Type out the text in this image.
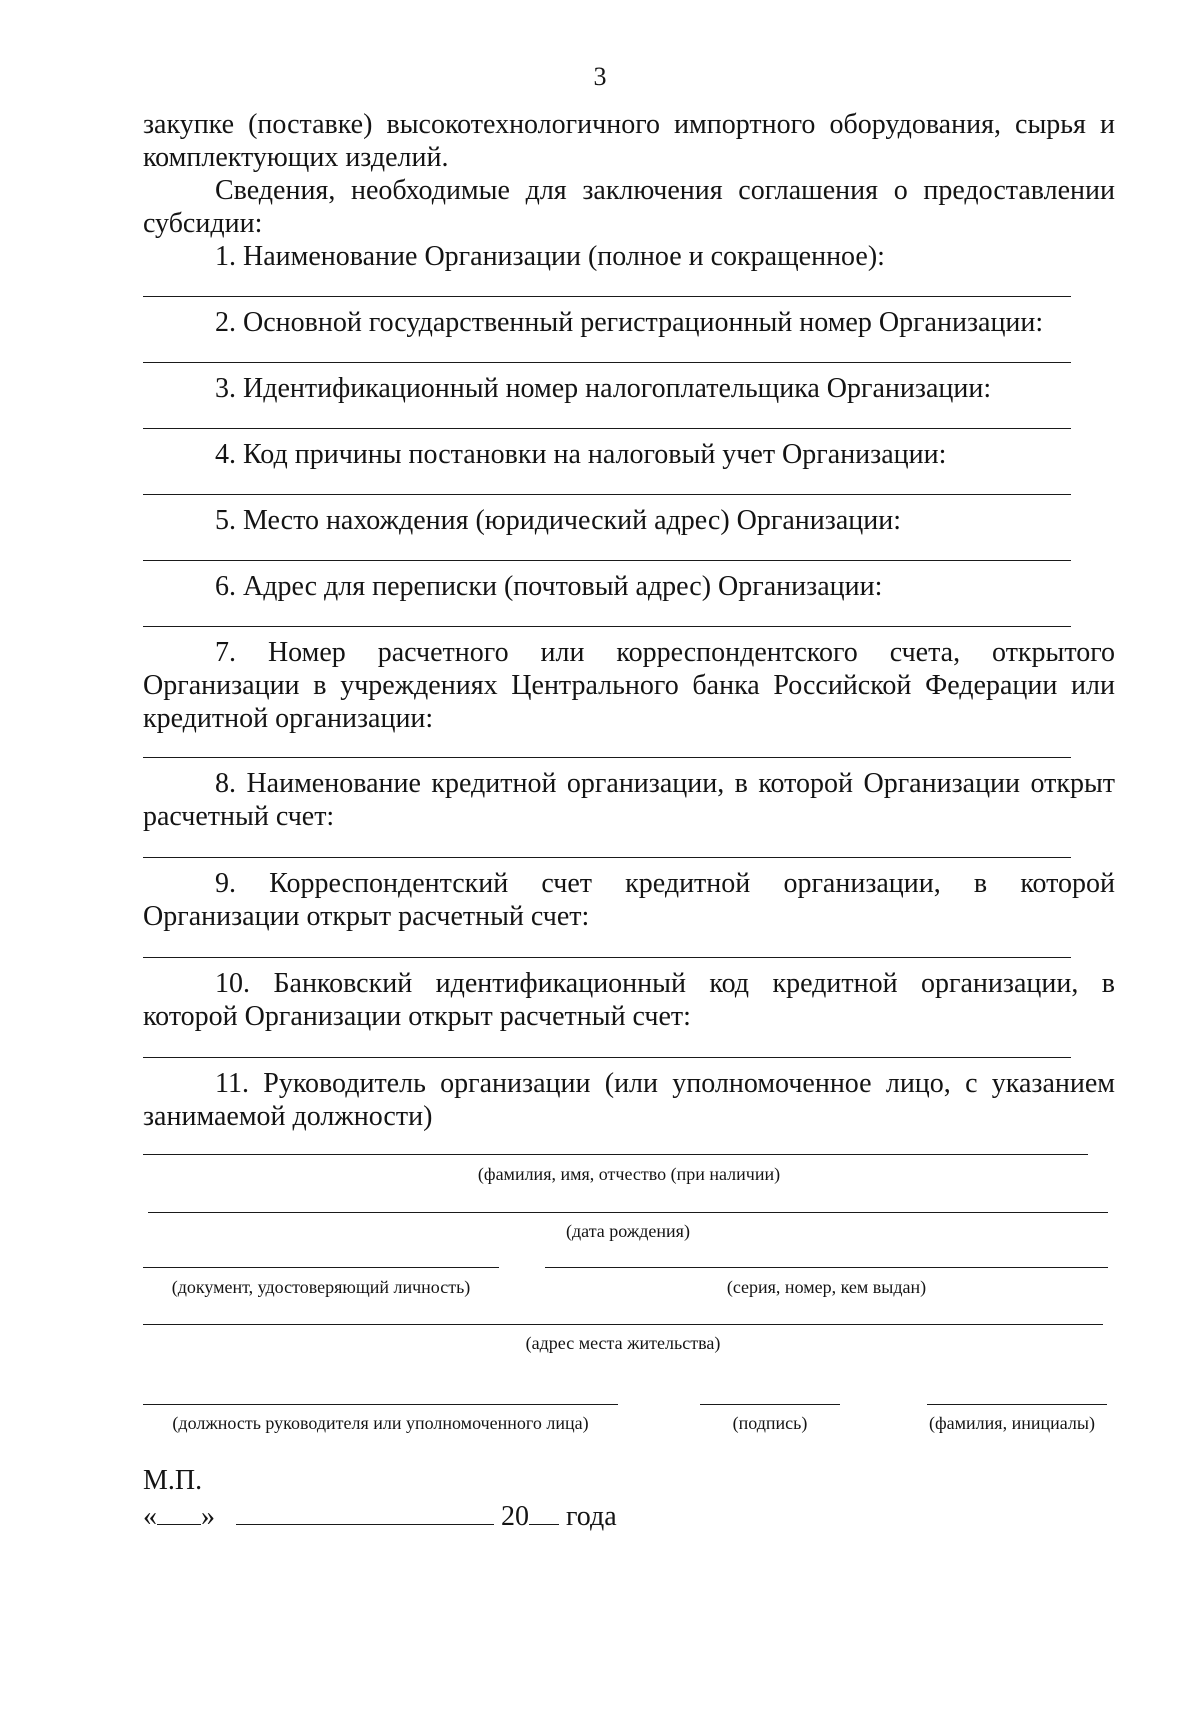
3

закупке (поставке) высокотехнологичного импортного оборудования, сырья и комплектующих изделий.

Сведения, необходимые для заключения соглашения о предоставлении субсидии:

1. Наименование Организации (полное и сокращенное):

2. Основной государственный регистрационный номер Организации:

3. Идентификационный номер налогоплательщика Организации:

4. Код причины постановки на налоговый учет Организации:

5. Место нахождения (юридический адрес) Организации:

6. Адрес для переписки (почтовый адрес) Организации:

7. Номер расчетного или корреспондентского счета, открытого Организации в учреждениях Центрального банка Российской Федерации или кредитной организации:

8. Наименование кредитной организации, в которой Организации открыт расчетный счет:

9. Корреспондентский счет кредитной организации, в которой Организации открыт расчетный счет:

10. Банковский идентификационный код кредитной организации, в которой Организации открыт расчетный счет:

11. Руководитель организации (или уполномоченное лицо, с указанием занимаемой должности)

(фамилия, имя, отчество (при наличии)
(дата рождения)
(документ, удостоверяющий личность)	(серия, номер, кем выдан)
(адрес места жительства)
(должность руководителя или уполномоченного лица)	(подпись)	(фамилия, инициалы)
М.П.
« »	20 года
